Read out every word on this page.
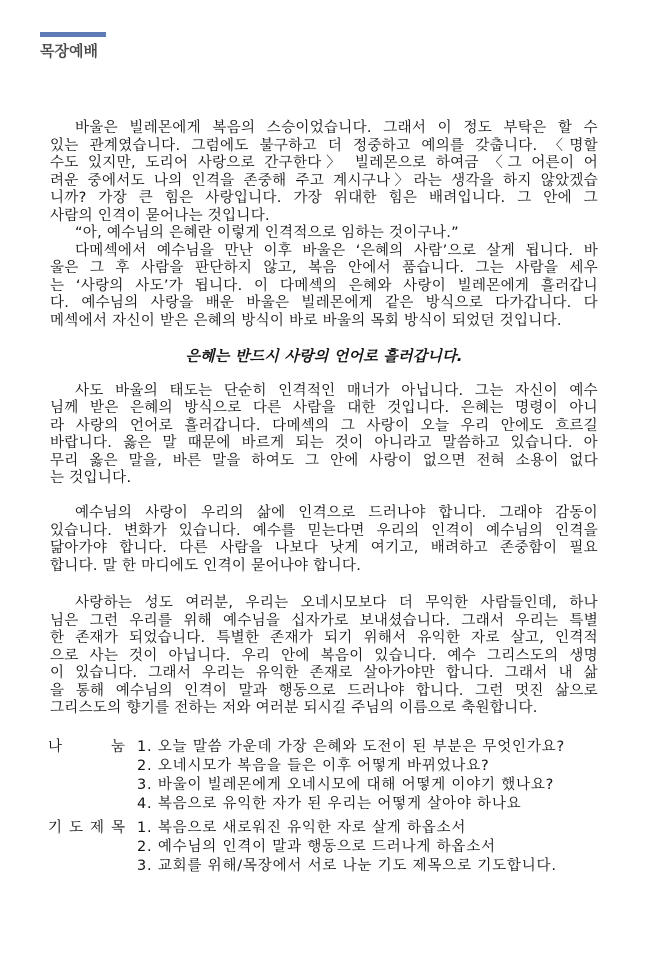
목장예배
바울은 빌레몬에게 복음의 스승이었습니다. 그래서 이 정도 부탁은 할 수
있는 관계였습니다. 그럼에도 불구하고 더 정중하고 예의를 갖춥니다. 〈명할
수도 있지만, 도리어 사랑으로 간구한다〉 빌레몬으로 하여금 〈그 어른이 어
려운 중에서도 나의 인격을 존중해 주고 계시구나〉라는 생각을 하지 않았겠습
니까? 가장 큰 힘은 사랑입니다. 가장 위대한 힘은 배려입니다. 그 안에 그
사람의 인격이 묻어나는 것입니다.
“아, 예수님의 은혜란 이렇게 인격적으로 임하는 것이구나.”
다메섹에서 예수님을 만난 이후 바울은 ‘은혜의 사람’으로 살게 됩니다. 바
울은 그 후 사람을 판단하지 않고, 복음 안에서 품습니다. 그는 사람을 세우
는 ‘사랑의 사도’가 됩니다. 이 다메섹의 은혜와 사랑이 빌레몬에게 흘러갑니
다. 예수님의 사랑을 배운 바울은 빌레몬에게 같은 방식으로 다가갑니다. 다
메섹에서 자신이 받은 은혜의 방식이 바로 바울의 목회 방식이 되었던 것입니다.
은혜는 반드시 사랑의 언어로 흘러갑니다.
사도 바울의 태도는 단순히 인격적인 매너가 아닙니다. 그는 자신이 예수
님께 받은 은혜의 방식으로 다른 사람을 대한 것입니다. 은혜는 명령이 아니
라 사랑의 언어로 흘러갑니다. 다메섹의 그 사랑이 오늘 우리 안에도 흐르길
바랍니다. 옳은 말 때문에 바르게 되는 것이 아니라고 말씀하고 있습니다. 아
무리 옳은 말을, 바른 말을 하여도 그 안에 사랑이 없으면 전혀 소용이 없다
는 것입니다.
예수님의 사랑이 우리의 삶에 인격으로 드러나야 합니다. 그래야 감동이
있습니다. 변화가 있습니다. 예수를 믿는다면 우리의 인격이 예수님의 인격을
닮아가야 합니다. 다른 사람을 나보다 낫게 여기고, 배려하고 존중함이 필요
합니다. 말 한 마디에도 인격이 묻어나야 합니다.
사랑하는 성도 여러분, 우리는 오네시모보다 더 무익한 사람들인데, 하나
님은 그런 우리를 위해 예수님을 십자가로 보내셨습니다. 그래서 우리는 특별
한 존재가 되었습니다. 특별한 존재가 되기 위해서 유익한 자로 살고, 인격적
으로 사는 것이 아닙니다. 우리 안에 복음이 있습니다. 예수 그리스도의 생명
이 있습니다. 그래서 우리는 유익한 존재로 살아가야만 합니다. 그래서 내 삶
을 통해 예수님의 인격이 말과 행동으로 드러나야 합니다. 그런 멋진 삶으로
그리스도의 향기를 전하는 저와 여러분 되시길 주님의 이름으로 축원합니다.
나 눔 1. 오늘 말씀 가운데 가장 은혜와 도전이 된 부분은 무엇인가요?
2. 오네시모가 복음을 들은 이후 어떻게 바뀌었나요?
3. 바울이 빌레몬에게 오네시모에 대해 어떻게 이야기 했나요?
4. 복음으로 유익한 자가 된 우리는 어떻게 살아야 하나요
기 도 제 목 1. 복음으로 새로워진 유익한 자로 살게 하옵소서
2. 예수님의 인격이 말과 행동으로 드러나게 하옵소서
3. 교회를 위해/목장에서 서로 나눈 기도 제목으로 기도합니다.
